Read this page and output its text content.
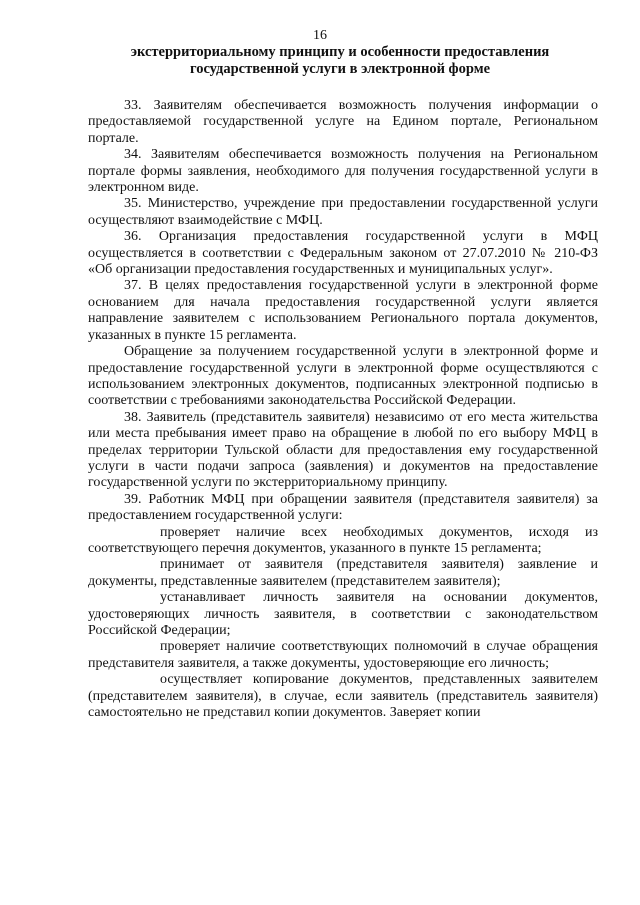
16
экстерриториальному принципу и особенности предоставления
государственной услуги в электронной форме

33. Заявителям обеспечивается возможность получения информации о предоставляемой государственной услуге на Едином портале, Региональном портале.

34. Заявителям обеспечивается возможность получения на Региональном портале формы заявления, необходимого для получения государственной услуги в электронном виде.

35. Министерство, учреждение при предоставлении государственной услуги осуществляют взаимодействие с МФЦ.

36. Организация предоставления государственной услуги в МФЦ осуществляется в соответствии с Федеральным законом от 27.07.2010 № 210-ФЗ «Об организации предоставления государственных и муниципальных услуг».

37. В целях предоставления государственной услуги в электронной форме основанием для начала предоставления государственной услуги является направление заявителем с использованием Регионального портала документов, указанных в пункте 15 регламента.

Обращение за получением государственной услуги в электронной форме и предоставление государственной услуги в электронной форме осуществляются с использованием электронных документов, подписанных электронной подписью в соответствии с требованиями законодательства Российской Федерации.

38. Заявитель (представитель заявителя) независимо от его места жительства или места пребывания имеет право на обращение в любой по его выбору МФЦ в пределах территории Тульской области для предоставления ему государственной услуги в части подачи запроса (заявления) и документов на предоставление государственной услуги по экстерриториальному принципу.

39. Работник МФЦ при обращении заявителя (представителя заявителя) за предоставлением государственной услуги:

проверяет наличие всех необходимых документов, исходя из соответствующего перечня документов, указанного в пункте 15 регламента;

принимает от заявителя (представителя заявителя) заявление и документы, представленные заявителем (представителем заявителя);

устанавливает личность заявителя на основании документов, удостоверяющих личность заявителя, в соответствии с законодательством Российской Федерации;

проверяет наличие соответствующих полномочий в случае обращения представителя заявителя, а также документы, удостоверяющие его личность;

осуществляет копирование документов, представленных заявителем (представителем заявителя), в случае, если заявитель (представитель заявителя) самостоятельно не представил копии документов. Заверяет копии
